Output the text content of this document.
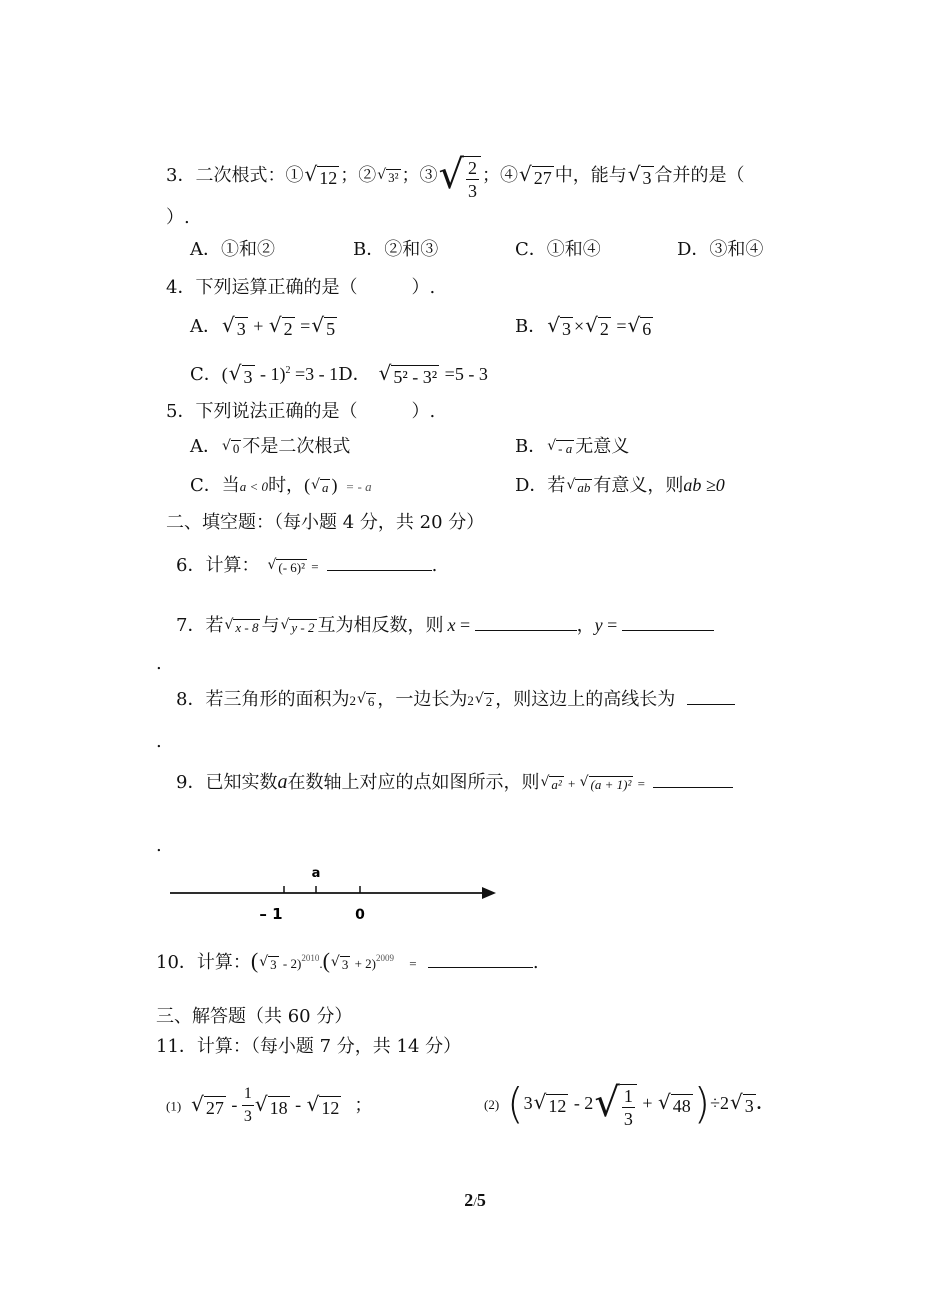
3．二次根式：① √ 12 ；② √ 3² ；③ √ $\frac{2}{3}$ ；④ √ 27 中，能与 √ 3 合并的是（
）.
A．①和②	B．②和③	C．①和④	D．③和④
4．下列运算正确的是（　　　）.
A． √ 3 + √ 2 = √ 5	B． √ 3 × √ 2 = √ 6
C．( √ 3 - 1)$^2$ =3 - 1D． √ 5² - 3² =5 - 3
5．下列说法正确的是（　　　）.
A． √ 0 不是二次根式	B． √ - a 无意义
C．当a < 0时，( √ a ) = - a	D．若 √ ab 有意义，则ab ≥0
二、填空题：（每小题 4 分，共 20 分）
6．计算： √ (- 6)² =	.
7．若 √ x - 8 与 √ y - 2 互为相反数，则 x =	，y =
.
8．若三角形的面积为2 √ 6 ，一边长为2 √ 2 ，则这边上的高线长为
.
9．已知实数a在数轴上对应的点如图所示，则 √ a² + √ (a + 1)² =
.
a
– 1	0
10．计算：( √ 3 - 2)$^{2010}$.( √ 3 + 2)$^{2009}$ =	.
三、解答题（共 60 分）
11．计算：（每小题 7 分，共 14 分）
(1) √ $27 - \frac{1}{3}$ √ 18 - √ 12 ；	(2) (3 √ 12 - 2 √ $\frac{1}{3}$ + √ 48 )÷2 √ 3 .
2/5
